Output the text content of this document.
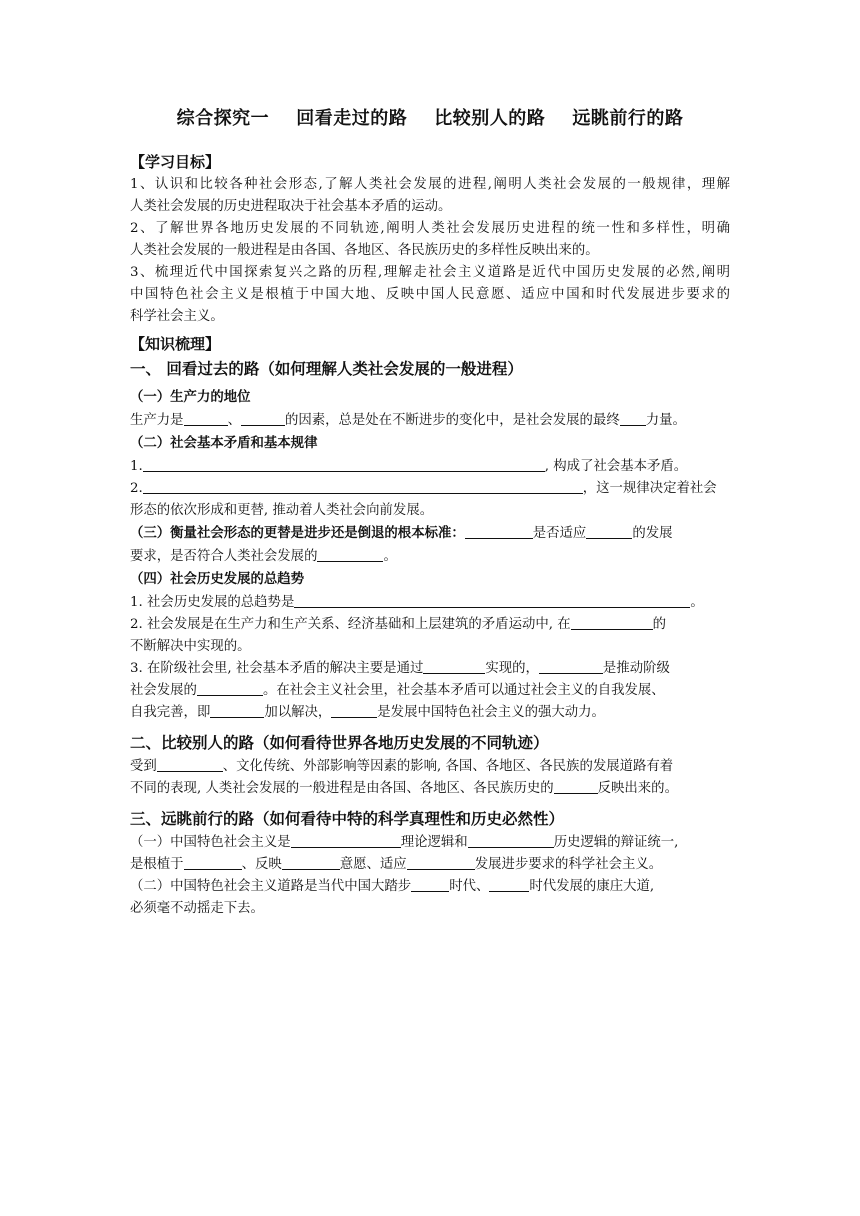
综合探究一    回看走过的路    比较别人的路    远眺前行的路
【学习目标】
1、认识和比较各种社会形态,了解人类社会发展的进程,阐明人类社会发展的一般规律，理解
人类社会发展的历史进程取决于社会基本矛盾的运动。
2、了解世界各地历史发展的不同轨迹,阐明人类社会发展历史进程的统一性和多样性，明确
人类社会发展的一般进程是由各国、各地区、各民族历史的多样性反映出来的。
3、梳理近代中国探索复兴之路的历程,理解走社会主义道路是近代中国历史发展的必然,阐明
中国特色社会主义是根植于中国大地、反映中国人民意愿、适应中国和时代发展进步要求的
科学社会主义。
【知识梳理】
一、 回看过去的路（如何理解人类社会发展的一般进程）
（一）生产力的地位
生产力是	、	的因素，总是处在不断进步的变化中，是社会发展的最终 力量。
（二）社会基本矛盾和基本规律
1.	, 构成了社会基本矛盾。
2.	，这一规律决定着社会
形态的依次形成和更替, 推动着人类社会向前发展。
（三）衡量社会形态的更替是进步还是倒退的根本标准：	是否适应	的发展
要求，是否符合人类社会发展的	。
（四）社会历史发展的总趋势
1. 社会历史发展的总趋势是	。
2. 社会发展是在生产力和生产关系、经济基础和上层建筑的矛盾运动中, 在	的
不断解决中实现的。
3. 在阶级社会里, 社会基本矛盾的解决主要是通过	实现的，	是推动阶级
社会发展的	。在社会主义社会里，社会基本矛盾可以通过社会主义的自我发展、
自我完善，即	加以解决，	是发展中国特色社会主义的强大动力。
二、比较别人的路（如何看待世界各地历史发展的不同轨迹）
受到	、文化传统、外部影响等因素的影响, 各国、各地区、各民族的发展道路有着
不同的表现, 人类社会发展的一般进程是由各国、各地区、各民族历史的	反映出来的。
三、远眺前行的路（如何看待中特的科学真理性和历史必然性）
（一）中国特色社会主义是	理论逻辑和	历史逻辑的辩证统一,
是根植于	、反映	意愿、适应	发展进步要求的科学社会主义。
（二）中国特色社会主义道路是当代中国大踏步	时代、	时代发展的康庄大道,
必须毫不动摇走下去。
